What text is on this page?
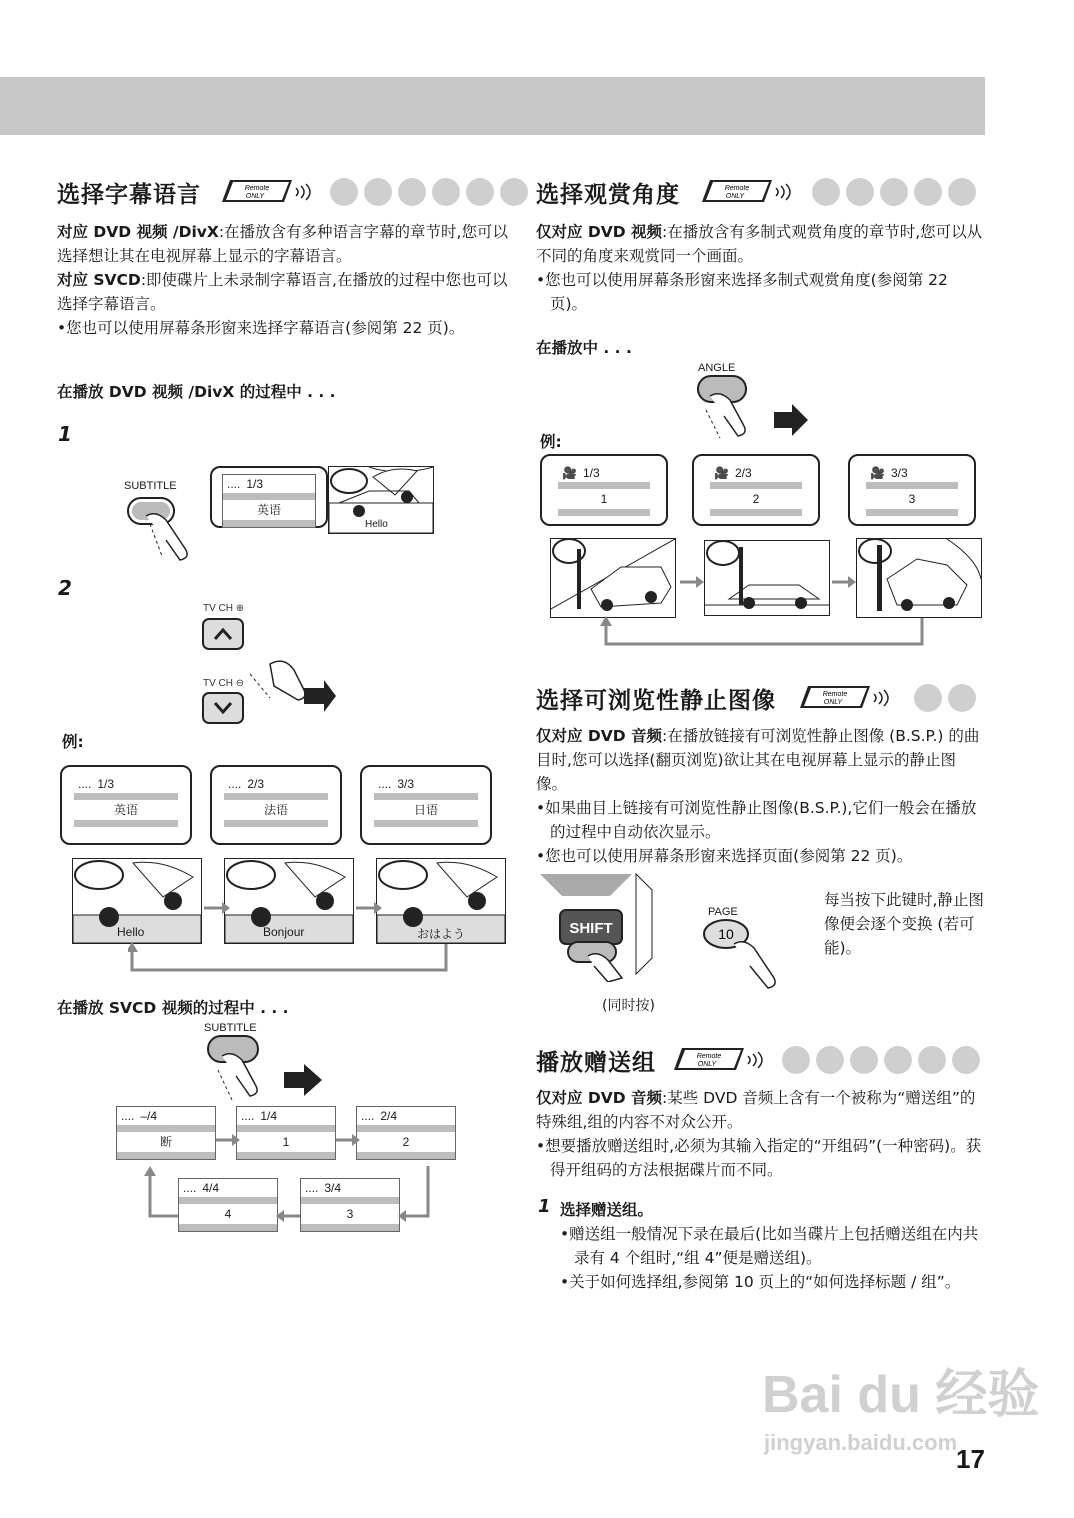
选择字幕语言	Remote
ONLY

对应 DVD 视频 /DivX:在播放含有多种语言字幕的章节时,您可以选择想让其在电视屏幕上显示的字幕语言。

对应 SVCD:即使碟片上未录制字幕语言,在播放的过程中您也可以选择字幕语言。

•您也可以使用屏幕条形窗来选择字幕语言(参阅第 22 页)。

在播放 DVD 视频 /DivX 的过程中 . . .
1
SUBTITLE	.... 1/3
英语
Hello
2
TV CH ⊕
TV CH ⊖
例:
.... 1/3
英语
.... 2/3
法语
.... 3/3
日语
Hello	Bonjour	おはよう
在播放 SVCD 视频的过程中 . . .
SUBTITLE
.... –/4
断
.... 1/4
1
.... 2/4
2
.... 3/4
3
.... 4/4
4
选择观赏角度	Remote
ONLY

仅对应 DVD 视频:在播放含有多制式观赏角度的章节时,您可以从不同的角度来观赏同一个画面。

•您也可以使用屏幕条形窗来选择多制式观赏角度(参阅第 22 页)。

在播放中 . . .
ANGLE
例:
🎥 1/3
1
🎥 2/3
2
🎥 3/3
3
选择可浏览性静止图像	Remote
ONLY

仅对应 DVD 音频:在播放链接有可浏览性静止图像 (B.S.P.) 的曲目时,您可以选择(翻页浏览)欲让其在电视屏幕上显示的静止图像。

•如果曲目上链接有可浏览性静止图像(B.S.P.),它们一般会在播放的过程中自动依次显示。

•您也可以使用屏幕条形窗来选择页面(参阅第 22 页)。

SHIFT
PAGE
10
(同时按)
每当按下此键时,静止图像便会逐个变换 (若可能)。
播放赠送组	Remote
ONLY

仅对应 DVD 音频:某些 DVD 音频上含有一个被称为“赠送组”的特殊组,组的内容不对众公开。

•想要播放赠送组时,必须为其输入指定的“开组码”(一种密码)。获得开组码的方法根据碟片而不同。

1 选择赠送组。

•赠送组一般情况下录在最后(比如当碟片上包括赠送组在内共录有 4 个组时,“组 4”便是赠送组)。

•关于如何选择组,参阅第 10 页上的“如何选择标题 / 组”。

Bai du 经验
jingyan.baidu.com
17
